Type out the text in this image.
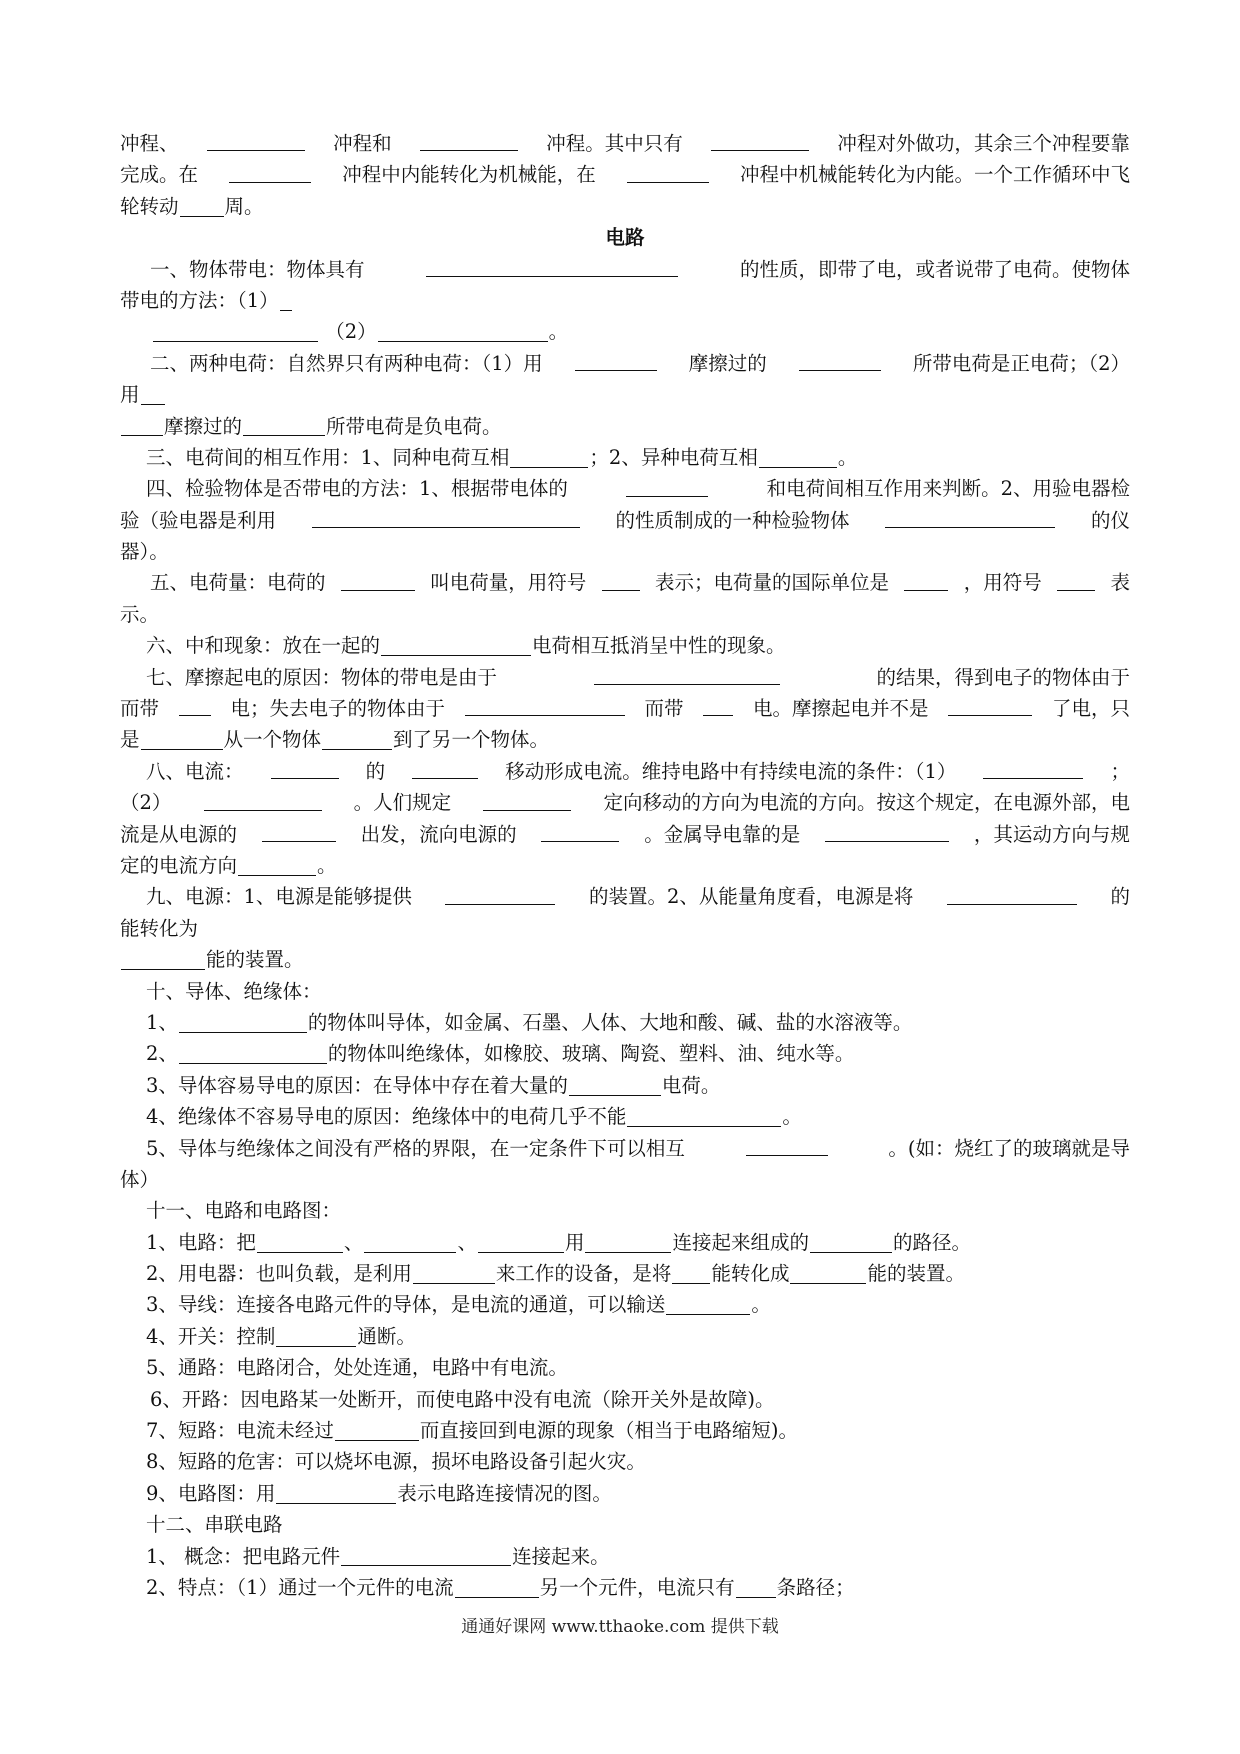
冲程、	冲程和	冲程。其中只有	冲程对外做功，其余三个冲程要靠
完成。在	冲程中内能转化为机械能，在	冲程中机械能转化为内能。一个工作循环中飞
轮转动 周。
电路
一、物体带电：物体具有	的性质，即带了电，或者说带了电荷。使物体
带电的方法：（1）
（2）	。
二、两种电荷：自然界只有两种电荷：（1）用	摩擦过的	所带电荷是正电荷；（2）
用
摩擦过的	所带电荷是负电荷。
三、电荷间的相互作用：1、同种电荷互相	；2、异种电荷互相	。
四、检验物体是否带电的方法：1、根据带电体的	和电荷间相互作用来判断。2、用验电器检
验（验电器是利用	的性质制成的一种检验物体	的仪
器）。
五、电荷量：电荷的	叫电荷量，用符号	表示；电荷量的国际单位是	，用符号	表
示。
六、中和现象：放在一起的	电荷相互抵消呈中性的现象。
七、摩擦起电的原因：物体的带电是由于	的结果，得到电子的物体由于
而带	电；失去电子的物体由于	而带	电。摩擦起电并不是	了电，只
是	从一个物体	到了另一个物体。
八、电流：	的	移动形成电流。维持电路中有持续电流的条件：（1）	；
（2）	。人们规定	定向移动的方向为电流的方向。按这个规定，在电源外部，电
流是从电源的	出发，流向电源的	。金属导电靠的是	，其运动方向与规
定的电流方向	。
九、电源：1、电源是能够提供	的装置。2、从能量角度看，电源是将	的
能转化为
能的装置。
十、导体、绝缘体：
1、	的物体叫导体，如金属、石墨、人体、大地和酸、碱、盐的水溶液等。
2、	的物体叫绝缘体，如橡胶、玻璃、陶瓷、塑料、油、纯水等。
3、导体容易导电的原因：在导体中存在着大量的	电荷。
4、绝缘体不容易导电的原因：绝缘体中的电荷几乎不能	。
5、导体与绝缘体之间没有严格的界限，在一定条件下可以相互	。(如：烧红了的玻璃就是导
体）
十一、电路和电路图：
1、电路：把	、	、	用	连接起来组成的	的路径。
2、用电器：也叫负载，是利用	来工作的设备，是将 能转化成	能的装置。
3、导线：连接各电路元件的导体，是电流的通道，可以输送	。
4、开关：控制	通断。
5、通路：电路闭合，处处连通，电路中有电流。
6、开路：因电路某一处断开，而使电路中没有电流（除开关外是故障)。
7、短路：电流未经过	而直接回到电源的现象（相当于电路缩短)。
8、短路的危害：可以烧坏电源，损坏电路设备引起火灾。
9、电路图：用	表示电路连接情况的图。
十二、串联电路
1、 概念：把电路元件	连接起来。
2、特点：（1）通过一个元件的电流	另一个元件，电流只有 条路径；
通通好课网 www.tthaoke.com 提供下载
